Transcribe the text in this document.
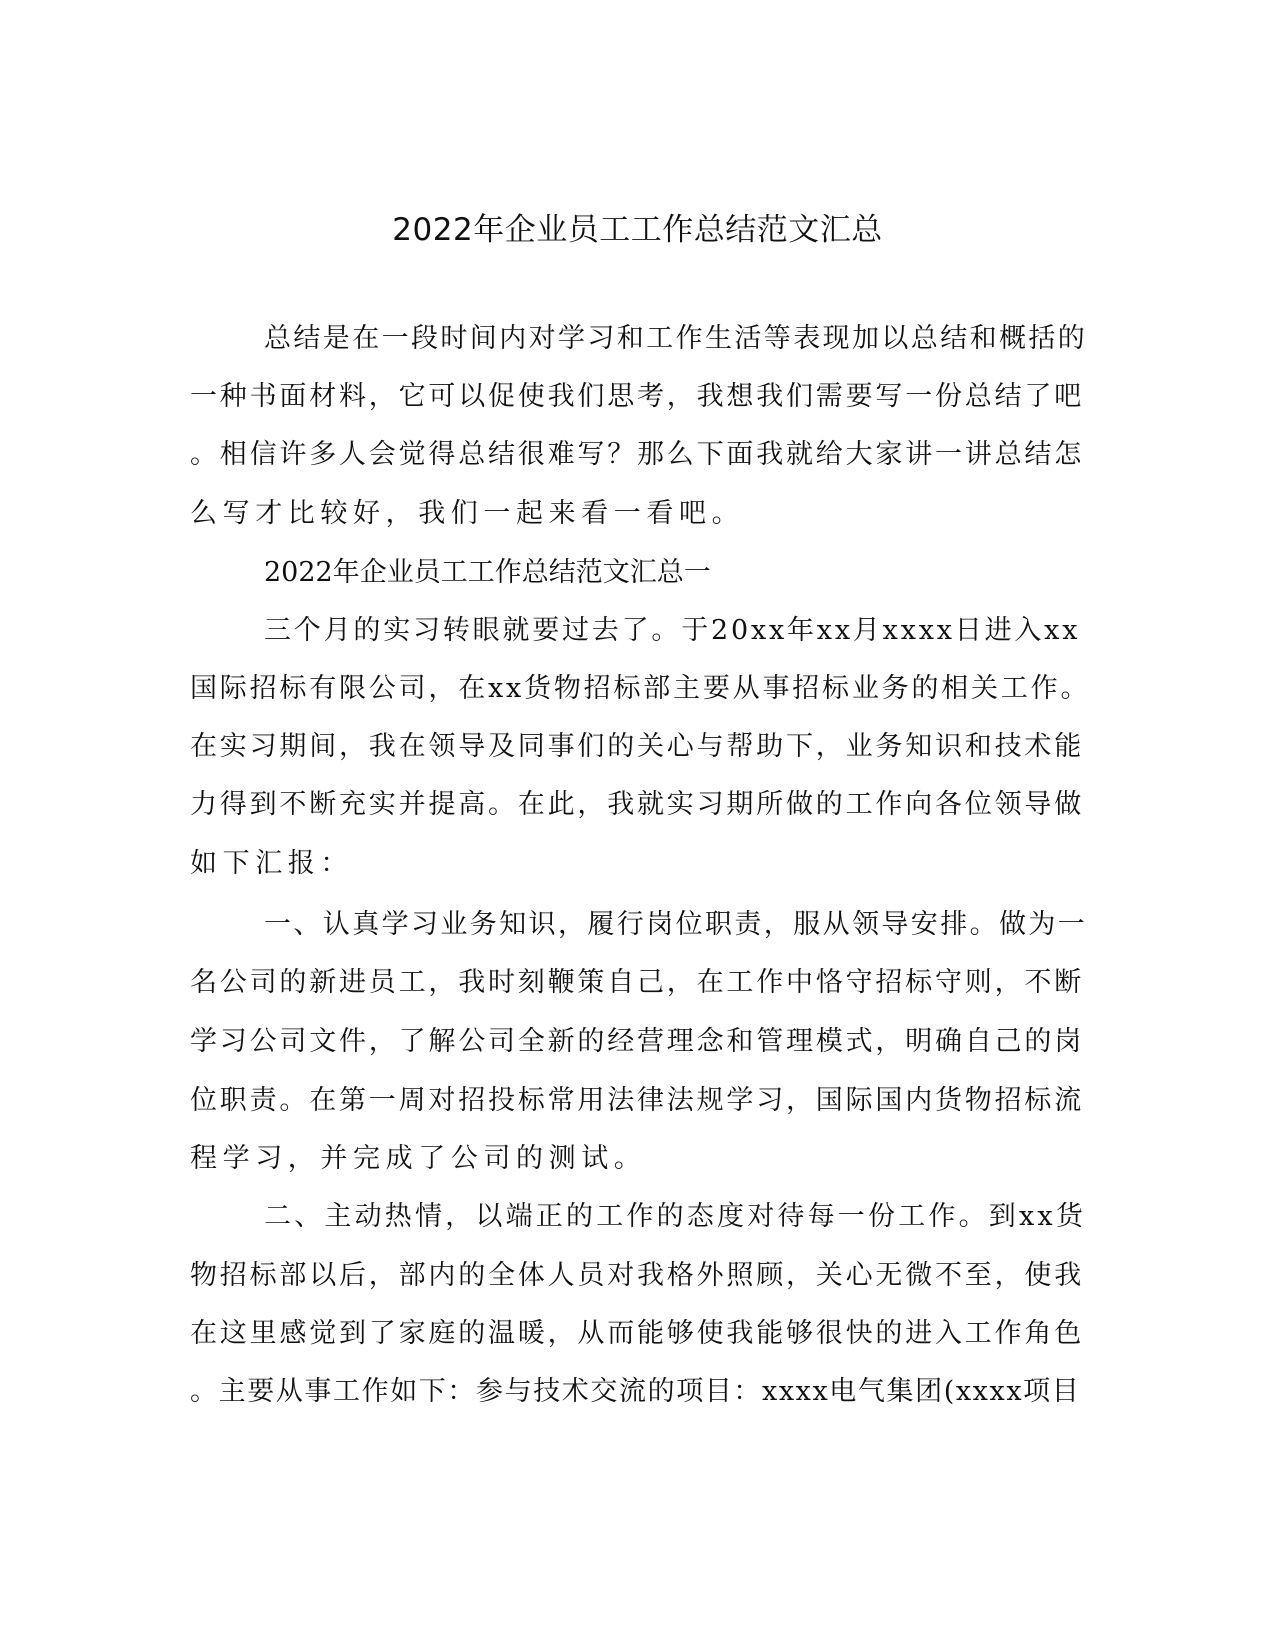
2022年企业员工工作总结范文汇总
总结是在一段时间内对学习和工作生活等表现加以总结和概括的
一种书面材料，它可以促使我们思考，我想我们需要写一份总结了吧
。相信许多人会觉得总结很难写？那么下面我就给大家讲一讲总结怎
么写才比较好，我们一起来看一看吧。
2022年企业员工工作总结范文汇总一
三个月的实习转眼就要过去了。于20xx年xx月xxxx日进入xx
国际招标有限公司，在xx货物招标部主要从事招标业务的相关工作。
在实习期间，我在领导及同事们的关心与帮助下，业务知识和技术能
力得到不断充实并提高。在此，我就实习期所做的工作向各位领导做
如下汇报：
一、认真学习业务知识，履行岗位职责，服从领导安排。做为一
名公司的新进员工，我时刻鞭策自己，在工作中恪守招标守则，不断
学习公司文件，了解公司全新的经营理念和管理模式，明确自己的岗
位职责。在第一周对招投标常用法律法规学习，国际国内货物招标流
程学习，并完成了公司的测试。
二、主动热情，以端正的工作的态度对待每一份工作。到xx货
物招标部以后，部内的全体人员对我格外照顾，关心无微不至，使我
在这里感觉到了家庭的温暖，从而能够使我能够很快的进入工作角色
。主要从事工作如下：参与技术交流的项目：xxxx电气集团(xxxx项目
